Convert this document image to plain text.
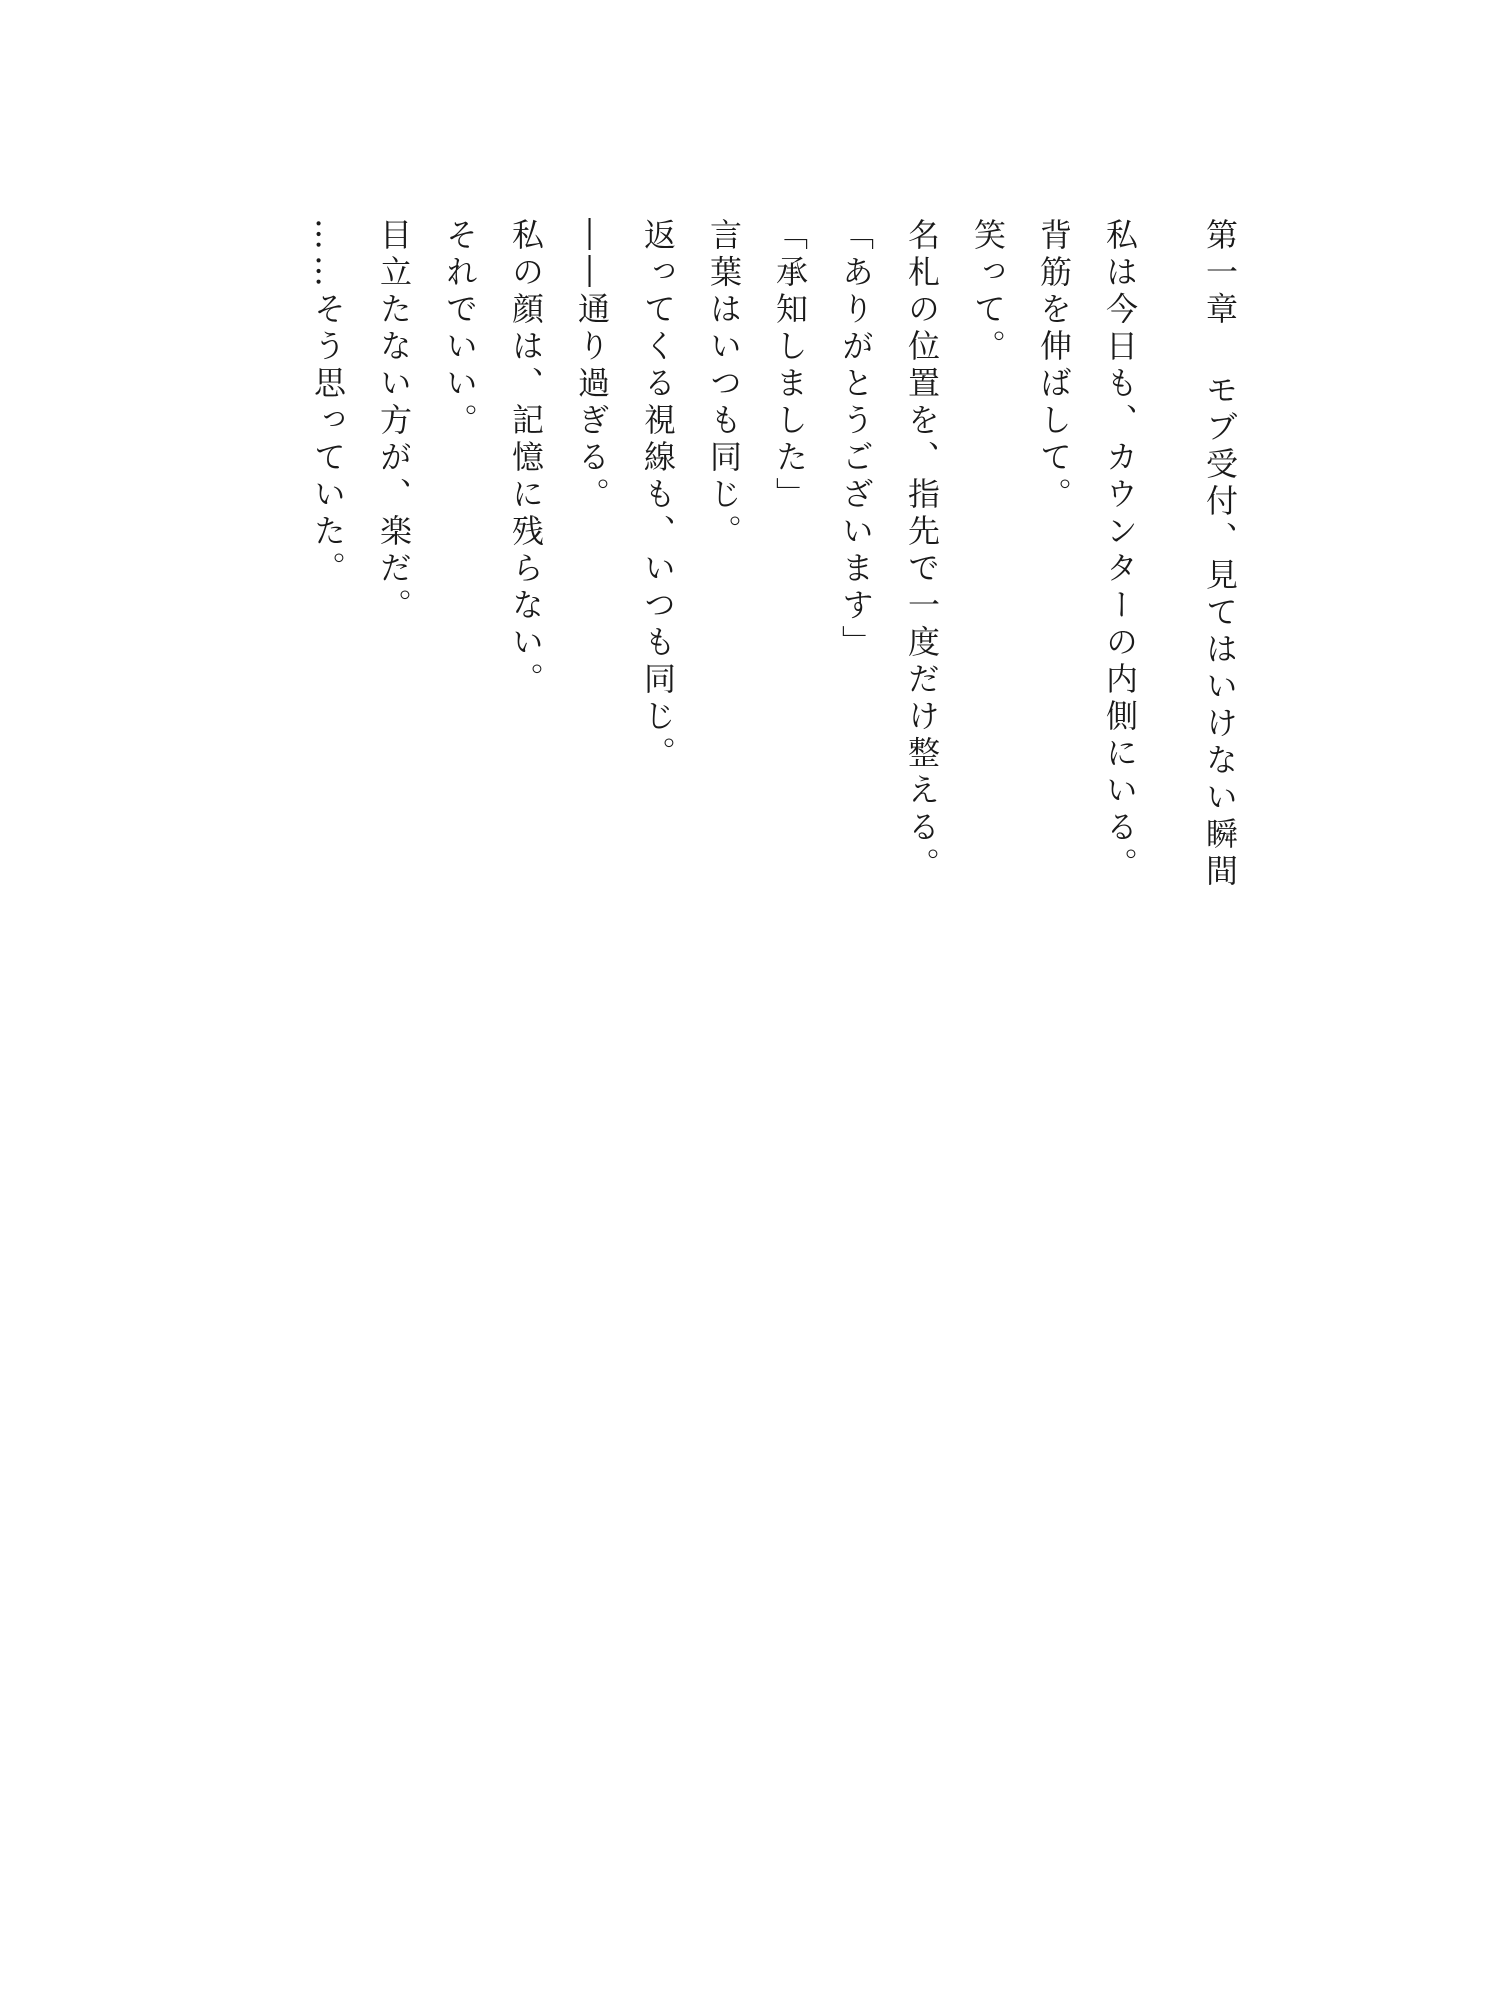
第一章モブ受付、見てはいけない瞬間
私は今日も、カウンターの内側にいる。
背筋を伸ばして。
笑って。
名札の位置を、指先で一度だけ整える。
「ありがとうございます」
「承知しました」
言葉はいつも同じ。
返ってくる視線も、いつも同じ。
――通り過ぎる。
私の顔は、記憶に残らない。
それでいい。
目立たない方が、楽だ。
……そう思っていた。
